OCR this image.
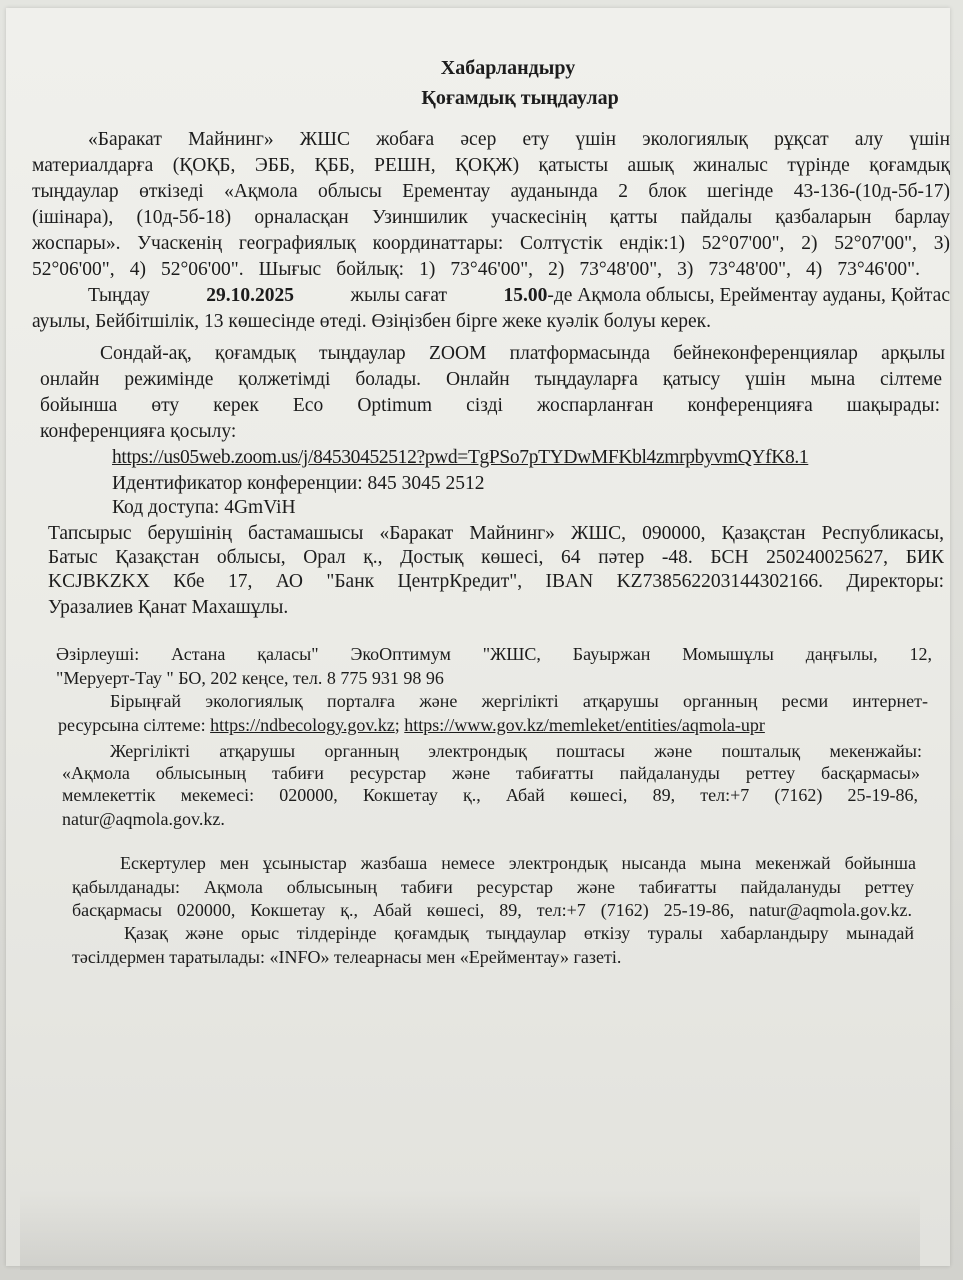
Хабарландыру
Қоғамдық тыңдаулар
«Баракат Майнинг» ЖШС жобаға әсер ету үшін экологиялық рұқсат алу үшін
материалдарға (ҚОҚБ, ЭББ, ҚББ, РЕШН, ҚОҚЖ) қатысты ашық жиналыс түрінде қоғамдық
тыңдаулар өткізеді «Ақмола облысы Ерементау ауданында 2 блок шегінде 43-136-(10д-5б-17)
(ішінара), (10д-5б-18) орналасқан Узиншилик учаскесінің қатты пайдалы қазбаларын барлау
жоспары». Учаскенің географиялық координаттары: Солтүстік ендік:1) 52°07'00", 2) 52°07'00", 3)
52°06'00", 4) 52°06'00". Шығыс бойлық: 1) 73°46'00", 2) 73°48'00", 3) 73°48'00", 4) 73°46'00".
Тыңдау	29.10.2025	жылы сағат	15.00-де Ақмола облысы, Ерейментау ауданы, Қойтас
ауылы, Бейбітшілік, 13 көшесінде өтеді. Өзіңізбен бірге жеке куәлік болуы керек.
Сондай-ақ, қоғамдық тыңдаулар ZOOM платформасында бейнеконференциялар арқылы
онлайн режимінде қолжетімді болады. Онлайн тыңдауларға қатысу үшін мына сілтеме
бойынша өту керек Eco Optimum сізді жоспарланған конференцияға шақырады:
конференцияға қосылу:
https://us05web.zoom.us/j/84530452512?pwd=TgPSo7pTYDwMFKbl4zmrpbyvmQYfK8.1
Идентификатор конференции: 845 3045 2512
Код доступа: 4GmViH
Тапсырыс берушінің бастамашысы «Баракат Майнинг» ЖШС, 090000, Қазақстан Республикасы,
Батыс Қазақстан облысы, Орал қ., Достық көшесі, 64 пәтер -48. БСН 250240025627, БИК
KCJBKZKX Кбе 17, АО "Банк ЦентрКредит", IBAN KZ738562203144302166. Директоры:
Уразалиев Қанат Махашұлы.
Әзірлеуші: Астана қаласы" ЭкоОптимум "ЖШС, Бауыржан Момышұлы даңғылы, 12,
"Меруерт-Тау " БО, 202 кеңсе, тел. 8 775 931 98 96
Бірыңғай экологиялық порталға және жергілікті атқарушы органның ресми интернет-
ресурсына сілтеме: https://ndbecology.gov.kz; https://www.gov.kz/memleket/entities/aqmola-upr
Жергілікті атқарушы органның электрондық поштасы және пошталық мекенжайы:
«Ақмола облысының табиғи ресурстар және табиғатты пайдалануды реттеу басқармасы»
мемлекеттік мекемесі: 020000, Кокшетау қ., Абай көшесі, 89, тел:+7 (7162) 25-19-86,
natur@aqmola.gov.kz.
Ескертулер мен ұсыныстар жазбаша немесе электрондық нысанда мына мекенжай бойынша
қабылданады: Ақмола облысының табиғи ресурстар және табиғатты пайдалануды реттеу
басқармасы 020000, Кокшетау қ., Абай көшесі, 89, тел:+7 (7162) 25-19-86, natur@aqmola.gov.kz.
Қазақ және орыс тілдерінде қоғамдық тыңдаулар өткізу туралы хабарландыру мынадай
тәсілдермен таратылады: «INFO» телеарнасы мен «Ерейментау» газеті.
